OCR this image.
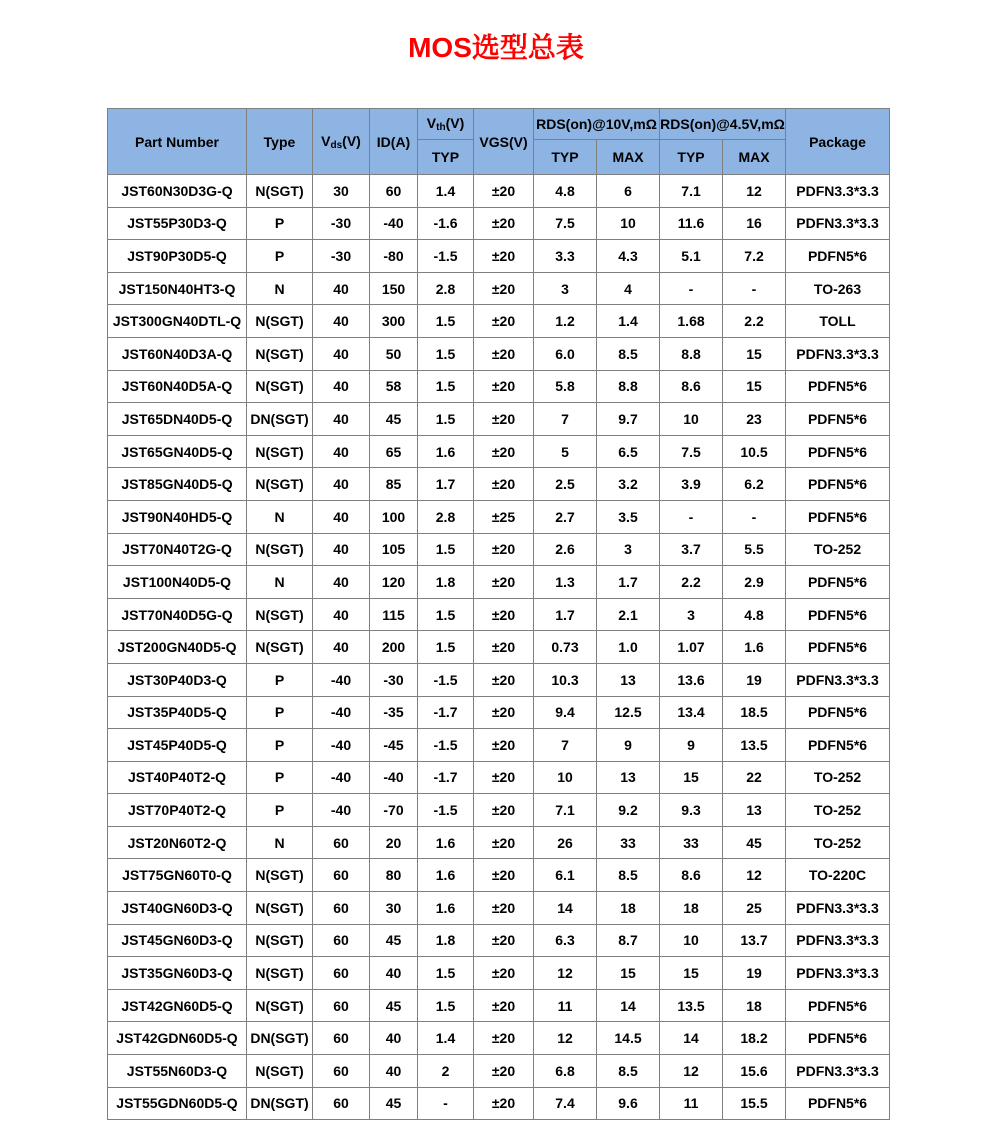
MOS选型总表
Part Number	Type	$V_{ds}(V)$	ID(A)	$V_{th}(V)$	VGS(V)	RDS(on)@10V,mΩ		RDS(on)@4.5V,mΩ		Package
				TYP		TYP	MAX	TYP	MAX	
JST60N30D3G-Q	N(SGT)	30	60	1.4	±20	4.8	6	7.1	12	PDFN3.3*3.3
JST55P30D3-Q	P	-30	-40	-1.6	±20	7.5	10	11.6	16	PDFN3.3*3.3
JST90P30D5-Q	P	-30	-80	-1.5	±20	3.3	4.3	5.1	7.2	PDFN5*6
JST150N40HT3-Q	N	40	150	2.8	±20	3	4	-	-	TO-263
JST300GN40DTL-Q	N(SGT)	40	300	1.5	±20	1.2	1.4	1.68	2.2	TOLL
JST60N40D3A-Q	N(SGT)	40	50	1.5	±20	6.0	8.5	8.8	15	PDFN3.3*3.3
JST60N40D5A-Q	N(SGT)	40	58	1.5	±20	5.8	8.8	8.6	15	PDFN5*6
JST65DN40D5-Q	DN(SGT)	40	45	1.5	±20	7	9.7	10	23	PDFN5*6
JST65GN40D5-Q	N(SGT)	40	65	1.6	±20	5	6.5	7.5	10.5	PDFN5*6
JST85GN40D5-Q	N(SGT)	40	85	1.7	±20	2.5	3.2	3.9	6.2	PDFN5*6
JST90N40HD5-Q	N	40	100	2.8	±25	2.7	3.5	-	-	PDFN5*6
JST70N40T2G-Q	N(SGT)	40	105	1.5	±20	2.6	3	3.7	5.5	TO-252
JST100N40D5-Q	N	40	120	1.8	±20	1.3	1.7	2.2	2.9	PDFN5*6
JST70N40D5G-Q	N(SGT)	40	115	1.5	±20	1.7	2.1	3	4.8	PDFN5*6
JST200GN40D5-Q	N(SGT)	40	200	1.5	±20	0.73	1.0	1.07	1.6	PDFN5*6
JST30P40D3-Q	P	-40	-30	-1.5	±20	10.3	13	13.6	19	PDFN3.3*3.3
JST35P40D5-Q	P	-40	-35	-1.7	±20	9.4	12.5	13.4	18.5	PDFN5*6
JST45P40D5-Q	P	-40	-45	-1.5	±20	7	9	9	13.5	PDFN5*6
JST40P40T2-Q	P	-40	-40	-1.7	±20	10	13	15	22	TO-252
JST70P40T2-Q	P	-40	-70	-1.5	±20	7.1	9.2	9.3	13	TO-252
JST20N60T2-Q	N	60	20	1.6	±20	26	33	33	45	TO-252
JST75GN60T0-Q	N(SGT)	60	80	1.6	±20	6.1	8.5	8.6	12	TO-220C
JST40GN60D3-Q	N(SGT)	60	30	1.6	±20	14	18	18	25	PDFN3.3*3.3
JST45GN60D3-Q	N(SGT)	60	45	1.8	±20	6.3	8.7	10	13.7	PDFN3.3*3.3
JST35GN60D3-Q	N(SGT)	60	40	1.5	±20	12	15	15	19	PDFN3.3*3.3
JST42GN60D5-Q	N(SGT)	60	45	1.5	±20	11	14	13.5	18	PDFN5*6
JST42GDN60D5-Q	DN(SGT)	60	40	1.4	±20	12	14.5	14	18.2	PDFN5*6
JST55N60D3-Q	N(SGT)	60	40	2	±20	6.8	8.5	12	15.6	PDFN3.3*3.3
JST55GDN60D5-Q	DN(SGT)	60	45	-	±20	7.4	9.6	11	15.5	PDFN5*6
